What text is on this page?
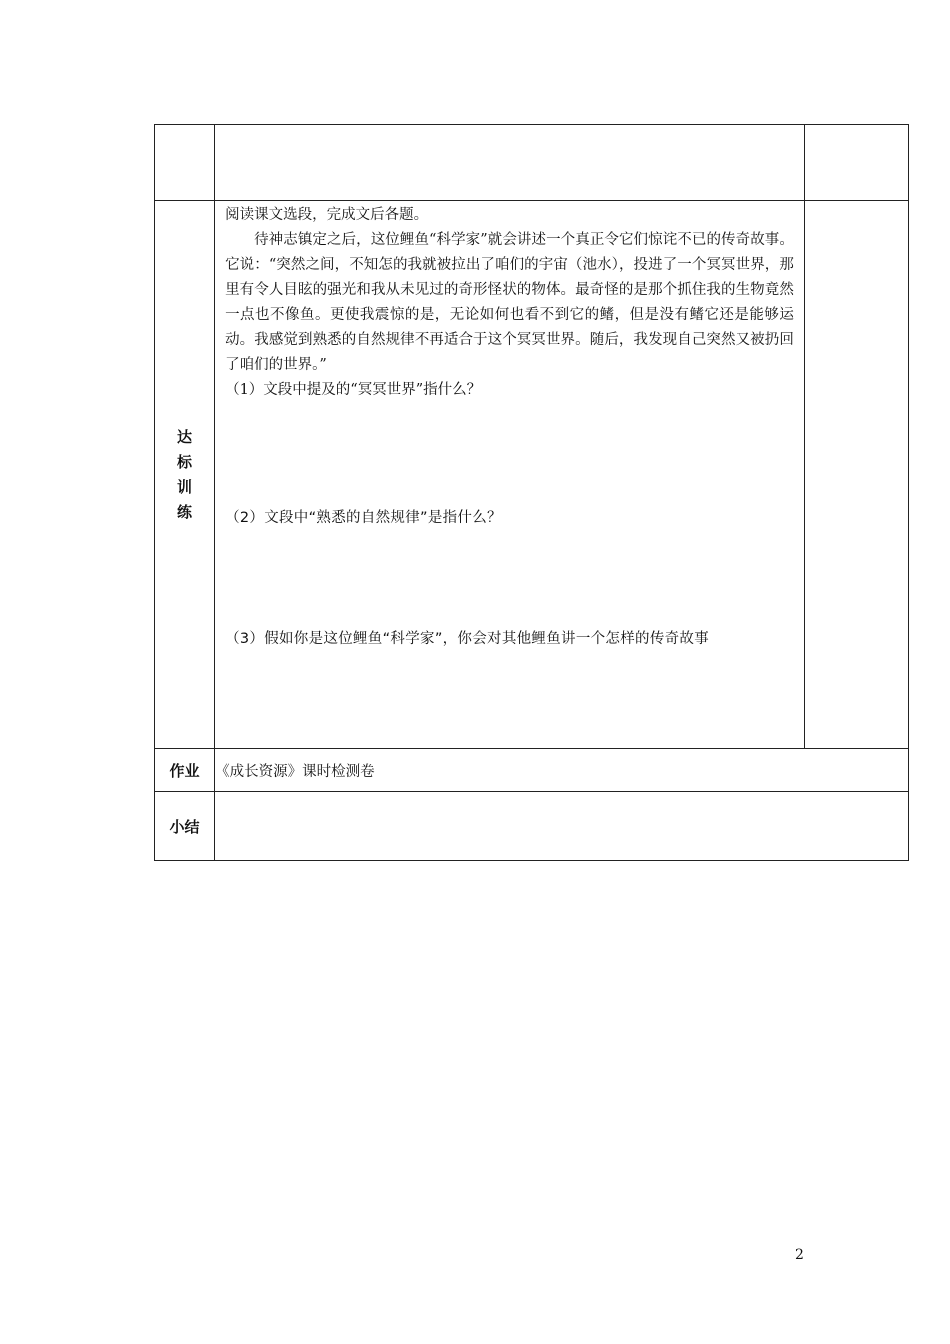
达标训练	阅读课文选段，完成文后各题。

待神志镇定之后，这位鲤鱼“科学家”就会讲述一个真正令它们惊诧不已的传奇故事。它说：“突然之间，不知怎的我就被拉出了咱们的宇宙（池水），投进了一个冥冥世界，那里有令人目眩的强光和我从未见过的奇形怪状的物体。最奇怪的是那个抓住我的生物竟然一点也不像鱼。更使我震惊的是，无论如何也看不到它的鳍，但是没有鳍它还是能够运动。我感觉到熟悉的自然规律不再适合于这个冥冥世界。随后，我发现自己突然又被扔回了咱们的世界。”

（1）文段中提及的“冥冥世界”指什么？

（2）文段中“熟悉的自然规律”是指什么？

（3）假如你是这位鲤鱼“科学家”，你会对其他鲤鱼讲一个怎样的传奇故事	

作业	《成长资源》课时检测卷	
小结		
2
